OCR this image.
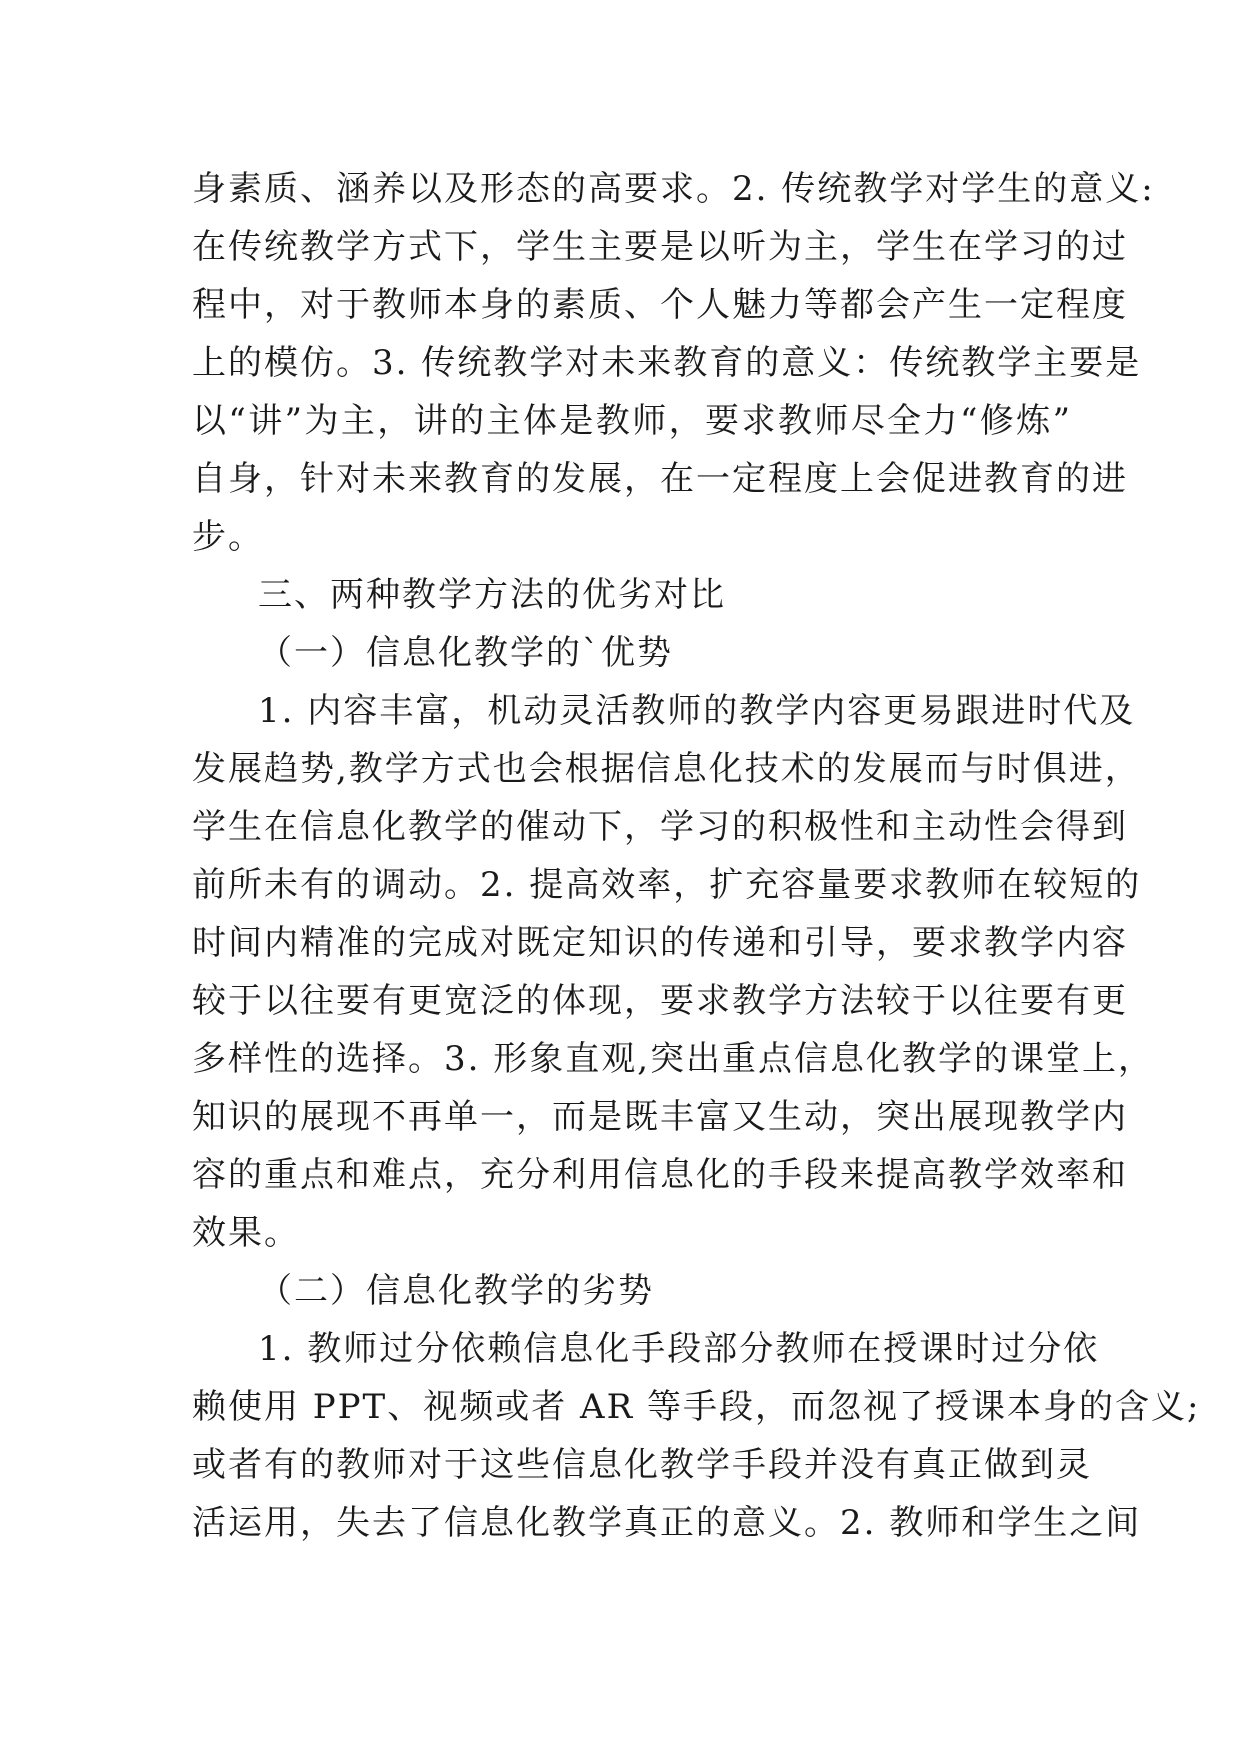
身素质、涵养以及形态的高要求。2. 传统教学对学生的意义:
在传统教学方式下，学生主要是以听为主，学生在学习的过
程中，对于教师本身的素质、个人魅力等都会产生一定程度
上的模仿。3. 传统教学对未来教育的意义：传统教学主要是
以“讲”为主，讲的主体是教师，要求教师尽全力“修炼”
自身，针对未来教育的发展，在一定程度上会促进教育的进
步。
三、两种教学方法的优劣对比
（一）信息化教学的`优势
1. 内容丰富，机动灵活教师的教学内容更易跟进时代及
发展趋势,教学方式也会根据信息化技术的发展而与时俱进，
学生在信息化教学的催动下，学习的积极性和主动性会得到
前所未有的调动。2. 提高效率，扩充容量要求教师在较短的
时间内精准的完成对既定知识的传递和引导，要求教学内容
较于以往要有更宽泛的体现，要求教学方法较于以往要有更
多样性的选择。3. 形象直观,突出重点信息化教学的课堂上，
知识的展现不再单一，而是既丰富又生动，突出展现教学内
容的重点和难点，充分利用信息化的手段来提高教学效率和
效果。
（二）信息化教学的劣势
1. 教师过分依赖信息化手段部分教师在授课时过分依
赖使用 PPT、视频或者 AR 等手段，而忽视了授课本身的含义;
或者有的教师对于这些信息化教学手段并没有真正做到灵
活运用，失去了信息化教学真正的意义。2. 教师和学生之间
